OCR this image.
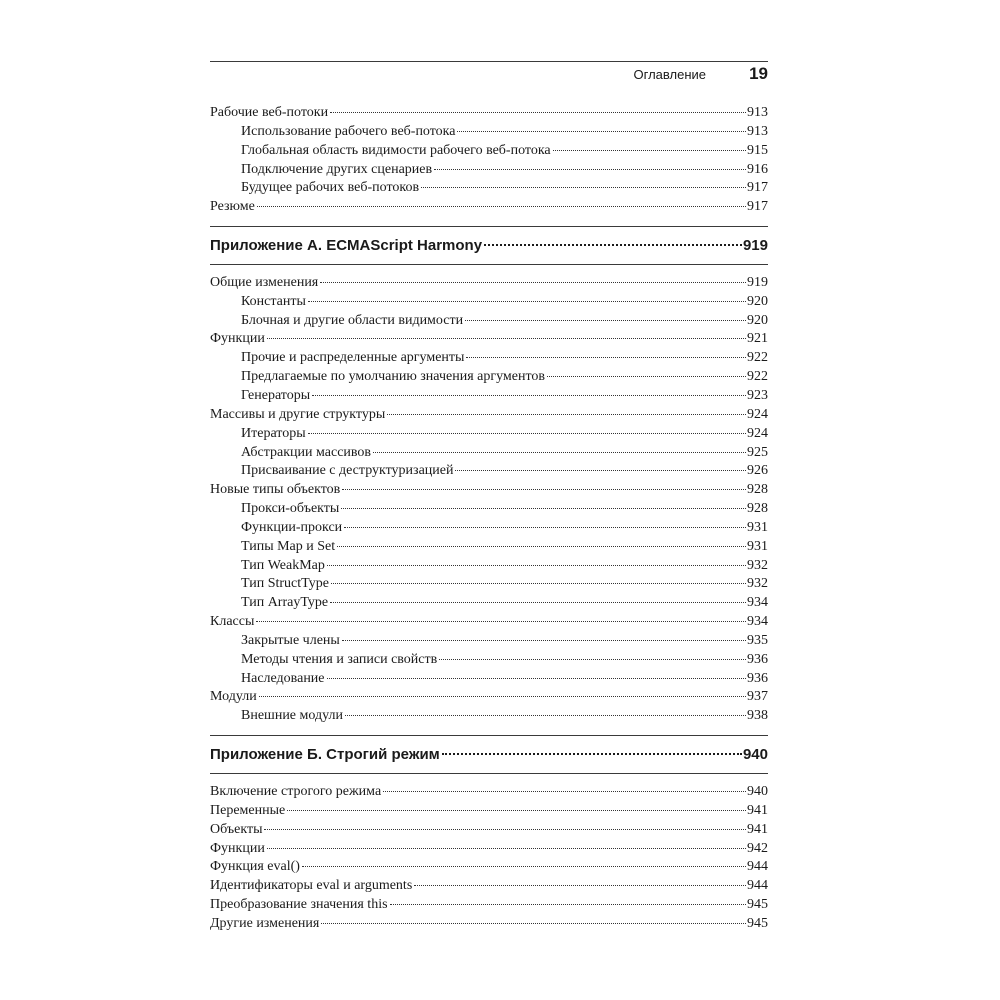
Оглавление	19
Рабочие веб-потоки	913
Использование рабочего веб-потока	913
Глобальная область видимости рабочего веб-потока	915
Подключение других сценариев	916
Будущее рабочих веб-потоков	917
Резюме	917
Приложение А. ECMAScript Harmony	919
Общие изменения	919
Константы	920
Блочная и другие области видимости	920
Функции	921
Прочие и распределенные аргументы	922
Предлагаемые по умолчанию значения аргументов	922
Генераторы	923
Массивы и другие структуры	924
Итераторы	924
Абстракции массивов	925
Присваивание с деструктуризацией	926
Новые типы объектов	928
Прокси-объекты	928
Функции-прокси	931
Типы Map и Set	931
Тип WeakMap	932
Тип StructType	932
Тип ArrayType	934
Классы	934
Закрытые члены	935
Методы чтения и записи свойств	936
Наследование	936
Модули	937
Внешние модули	938
Приложение Б. Строгий режим	940
Включение строгого режима	940
Переменные	941
Объекты	941
Функции	942
Функция eval()	944
Идентификаторы eval и arguments	944
Преобразование значения this	945
Другие изменения	945
